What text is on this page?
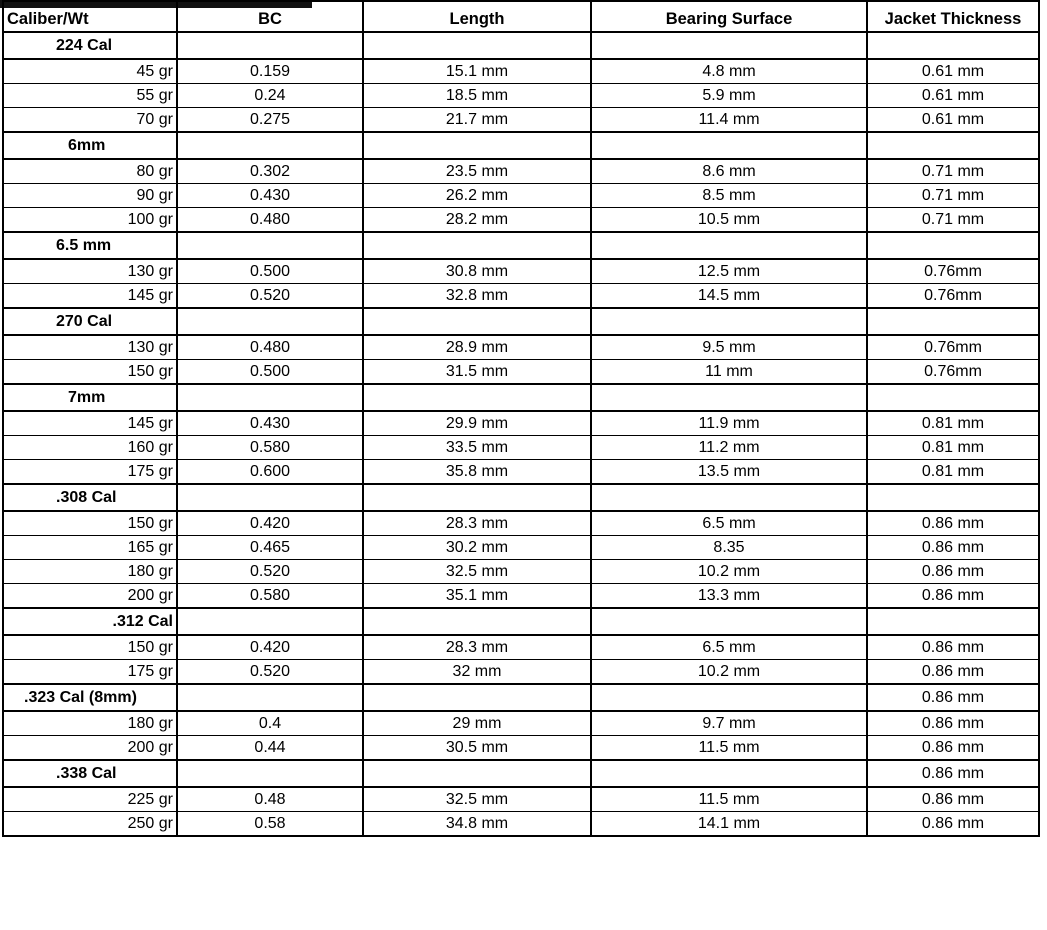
Caliber/Wt	BC	Length	Bearing Surface	Jacket Thickness
224 Cal				
45 gr	0.159	15.1 mm	4.8 mm	0.61 mm
55 gr	0.24	18.5 mm	5.9 mm	0.61 mm
70 gr	0.275	21.7 mm	11.4 mm	0.61 mm
6mm				
80 gr	0.302	23.5 mm	8.6 mm	0.71 mm
90 gr	0.430	26.2 mm	8.5 mm	0.71 mm
100 gr	0.480	28.2 mm	10.5 mm	0.71 mm
6.5 mm				
130 gr	0.500	30.8 mm	12.5 mm	0.76mm
145 gr	0.520	32.8 mm	14.5 mm	0.76mm
270 Cal				
130 gr	0.480	28.9 mm	9.5 mm	0.76mm
150 gr	0.500	31.5 mm	11 mm	0.76mm
7mm				
145 gr	0.430	29.9 mm	11.9 mm	0.81 mm
160 gr	0.580	33.5 mm	11.2 mm	0.81 mm
175 gr	0.600	35.8 mm	13.5 mm	0.81 mm
.308 Cal				
150 gr	0.420	28.3 mm	6.5 mm	0.86 mm
165 gr	0.465	30.2 mm	8.35	0.86 mm
180 gr	0.520	32.5 mm	10.2 mm	0.86 mm
200 gr	0.580	35.1 mm	13.3 mm	0.86 mm
.312 Cal				
150 gr	0.420	28.3 mm	6.5 mm	0.86 mm
175 gr	0.520	32 mm	10.2 mm	0.86 mm
.323 Cal (8mm)				0.86 mm
180 gr	0.4	29 mm	9.7 mm	0.86 mm
200 gr	0.44	30.5 mm	11.5 mm	0.86 mm
.338 Cal				0.86 mm
225 gr	0.48	32.5 mm	11.5 mm	0.86 mm
250 gr	0.58	34.8 mm	14.1 mm	0.86 mm
